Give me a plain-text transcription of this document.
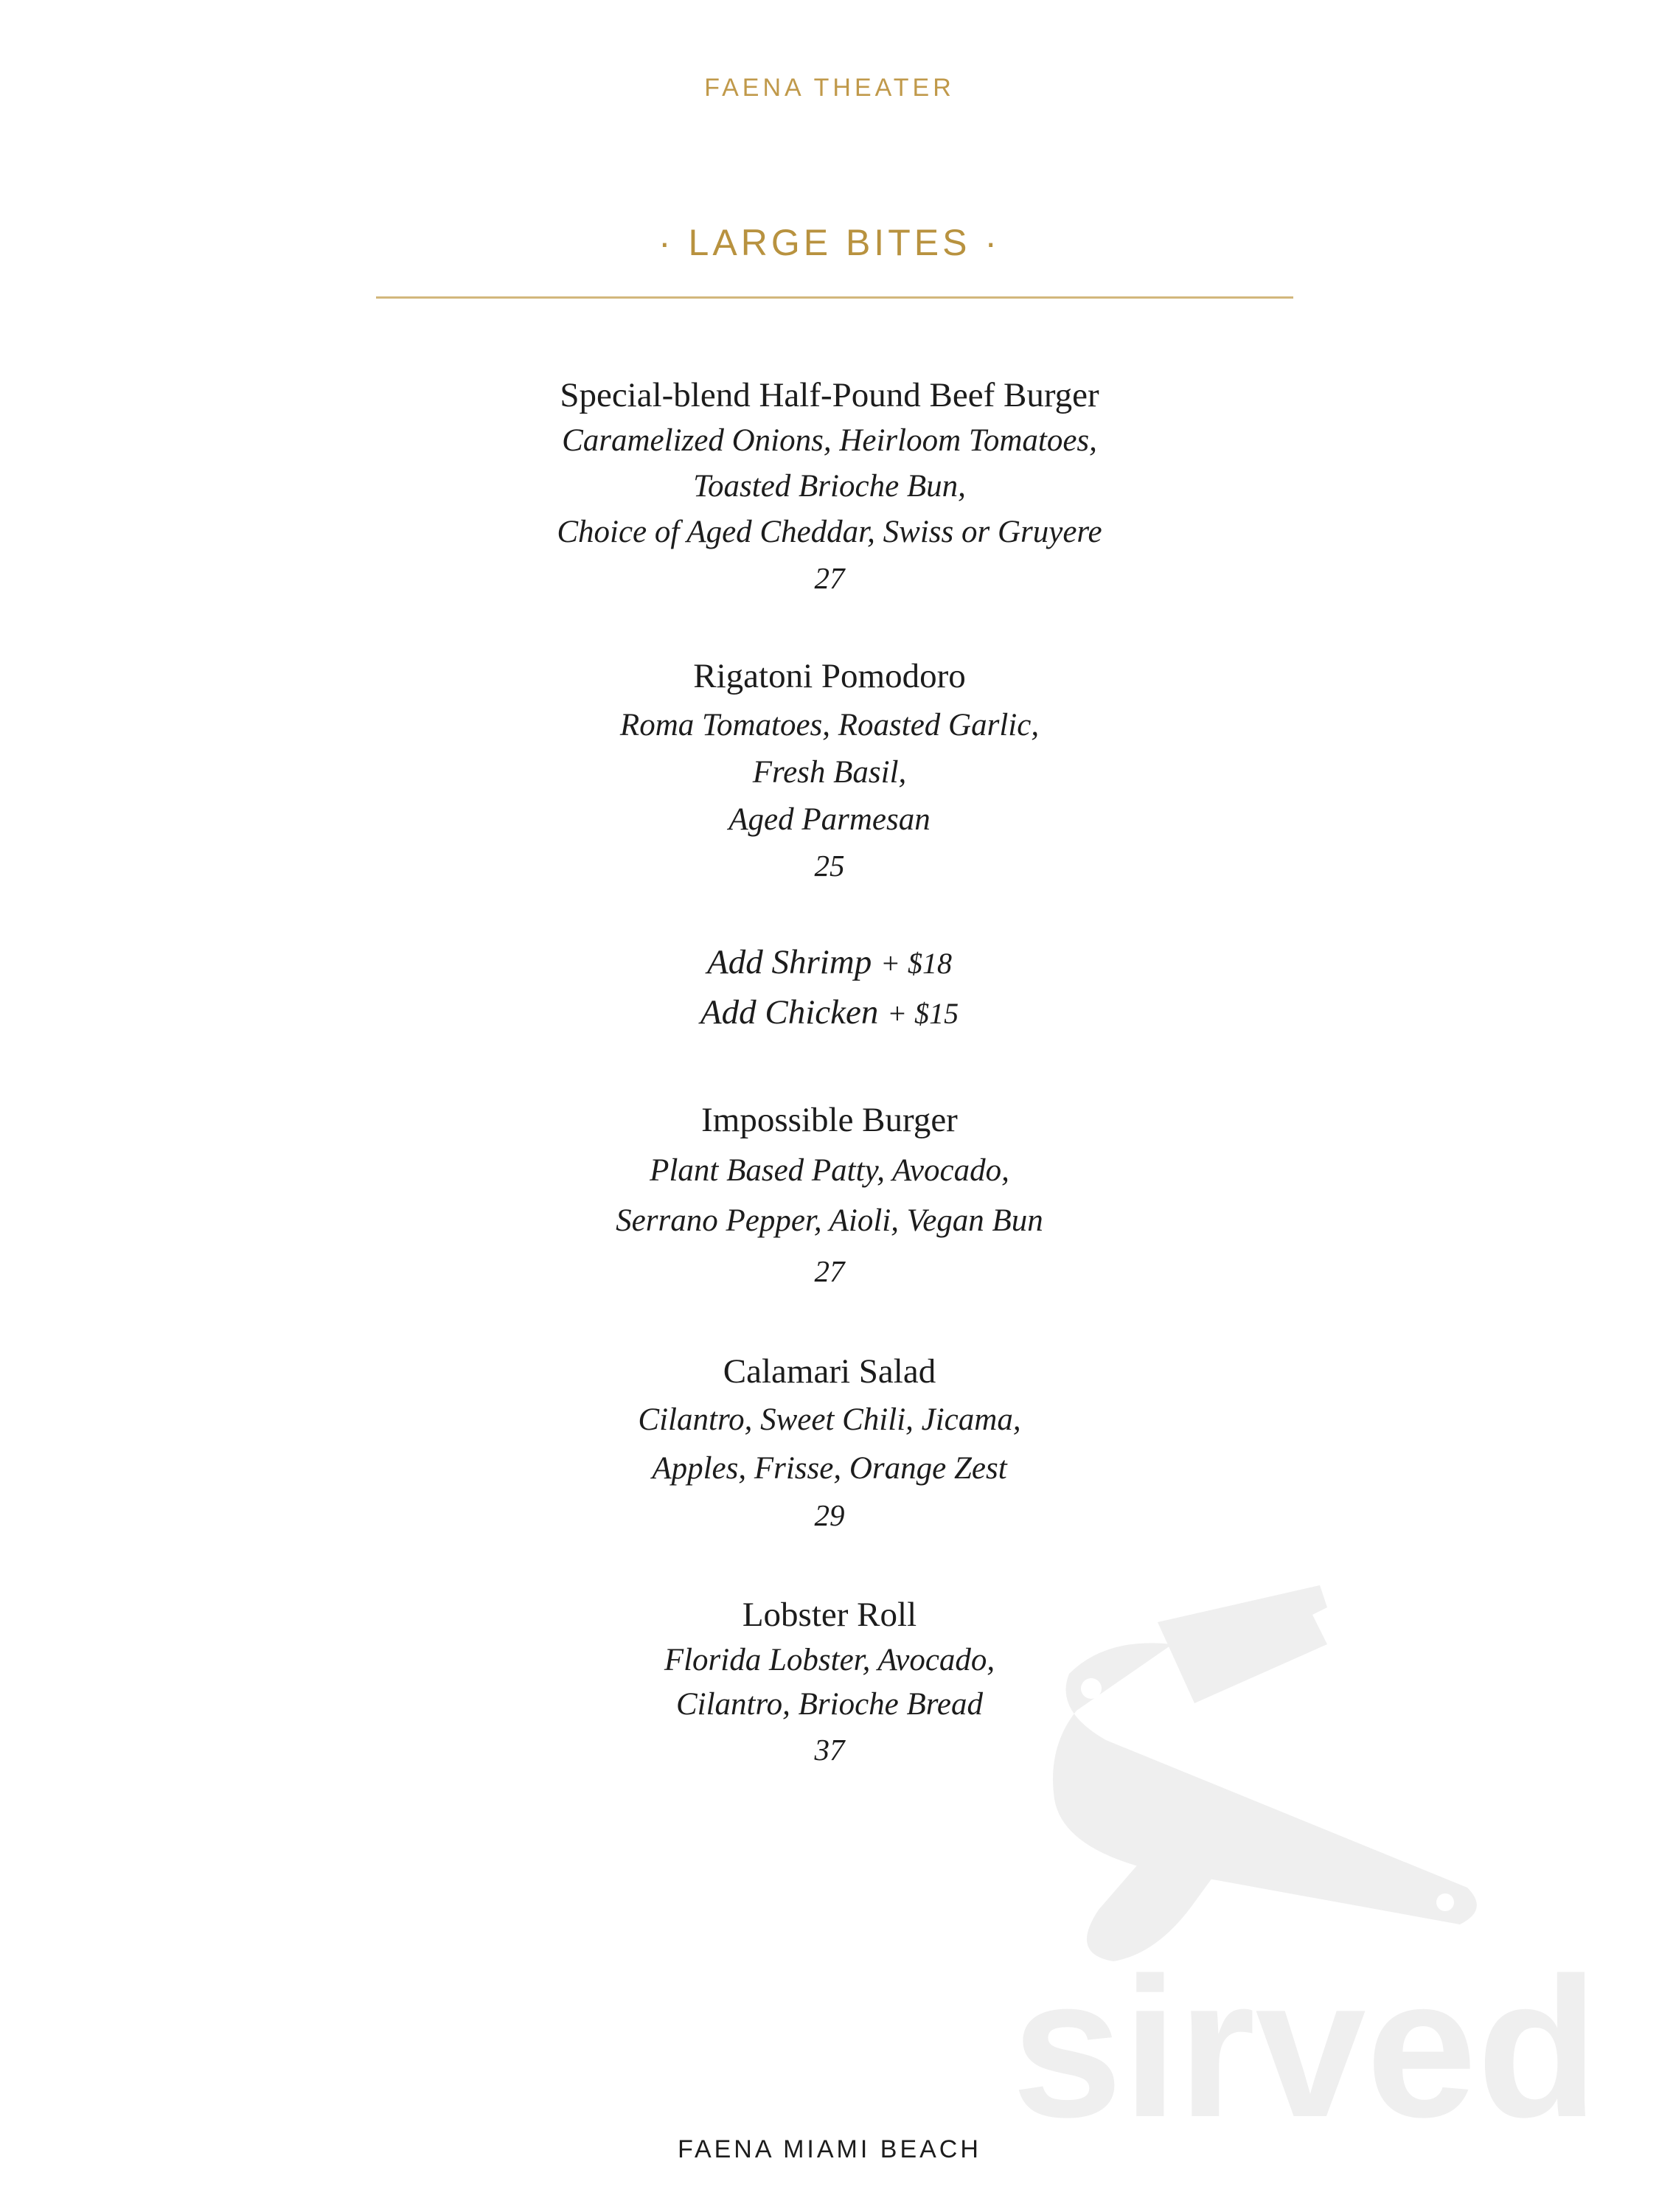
FAENA THEATER
· LARGE BITES ·
Special-blend Half-Pound Beef Burger
Caramelized Onions, Heirloom Tomatoes,
Toasted Brioche Bun,
Choice of Aged Cheddar, Swiss or Gruyere
27
Rigatoni Pomodoro
Roma Tomatoes, Roasted Garlic,
Fresh Basil,
Aged Parmesan
25
Add Shrimp + $18
Add Chicken + $15
Impossible Burger
Plant Based Patty, Avocado,
Serrano Pepper, Aioli, Vegan Bun
27
Calamari Salad
Cilantro, Sweet Chili, Jicama,
Apples, Frisse, Orange Zest
29
Lobster Roll
Florida Lobster, Avocado,
Cilantro, Brioche Bread
37
sirved
FAENA MIAMI BEACH
